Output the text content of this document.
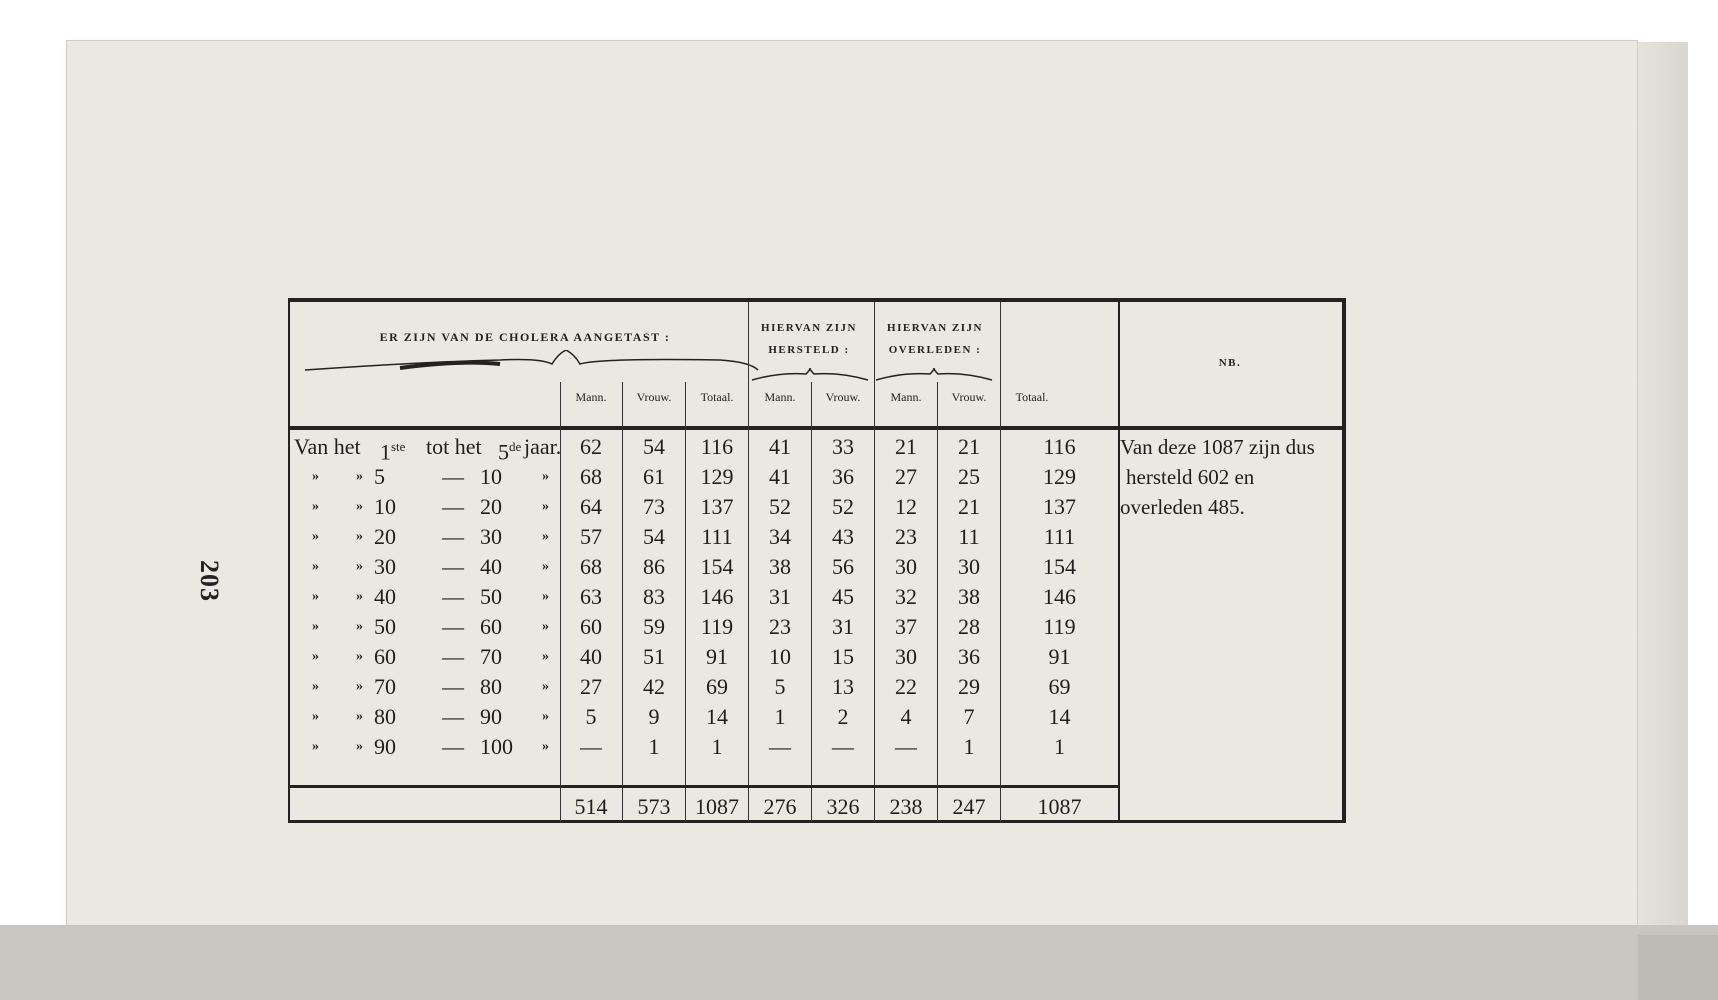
203
ER ZIJN VAN DE CHOLERA AANGETAST :
HIERVAN ZIJN
HERSTELD :
HIERVAN ZIJN
OVERLEDEN :
NB.
Mann.	Vrouw.	Totaal.	Mann.	Vrouw.	Mann.	Vrouw.	Totaal.
Van het 1ste tot het 5de jaar. 62	54	116	41	33	21	21	116
»	» 5	— 10	»	68	61	129	41	36	27	25	129
»	» 10 — 20	»	64	73	137	52	52	12	21	137
»	» 20 — 30	»	57	54	111	34	43	23	11	111
»	» 30 — 40	»	68	86	154	38	56	30	30	154
»	» 40 — 50	»	63	83	146	31	45	32	38	146
»	» 50 — 60	»	60	59	119	23	31	37	28	119
»	» 60 — 70	»	40	51	91	10	15	30	36	91
»	» 70 — 80	»	27	42	69	5	13	22	29	69
»	» 80 — 90	»	5	9	14	1	2	4	7	14
»	» 90 — 100 »	—	1	1	—	—	—	1	1
Van deze 1087 zijn dus
hersteld 602 en
overleden 485.
514	573	1087	276	326	238	247	1087
